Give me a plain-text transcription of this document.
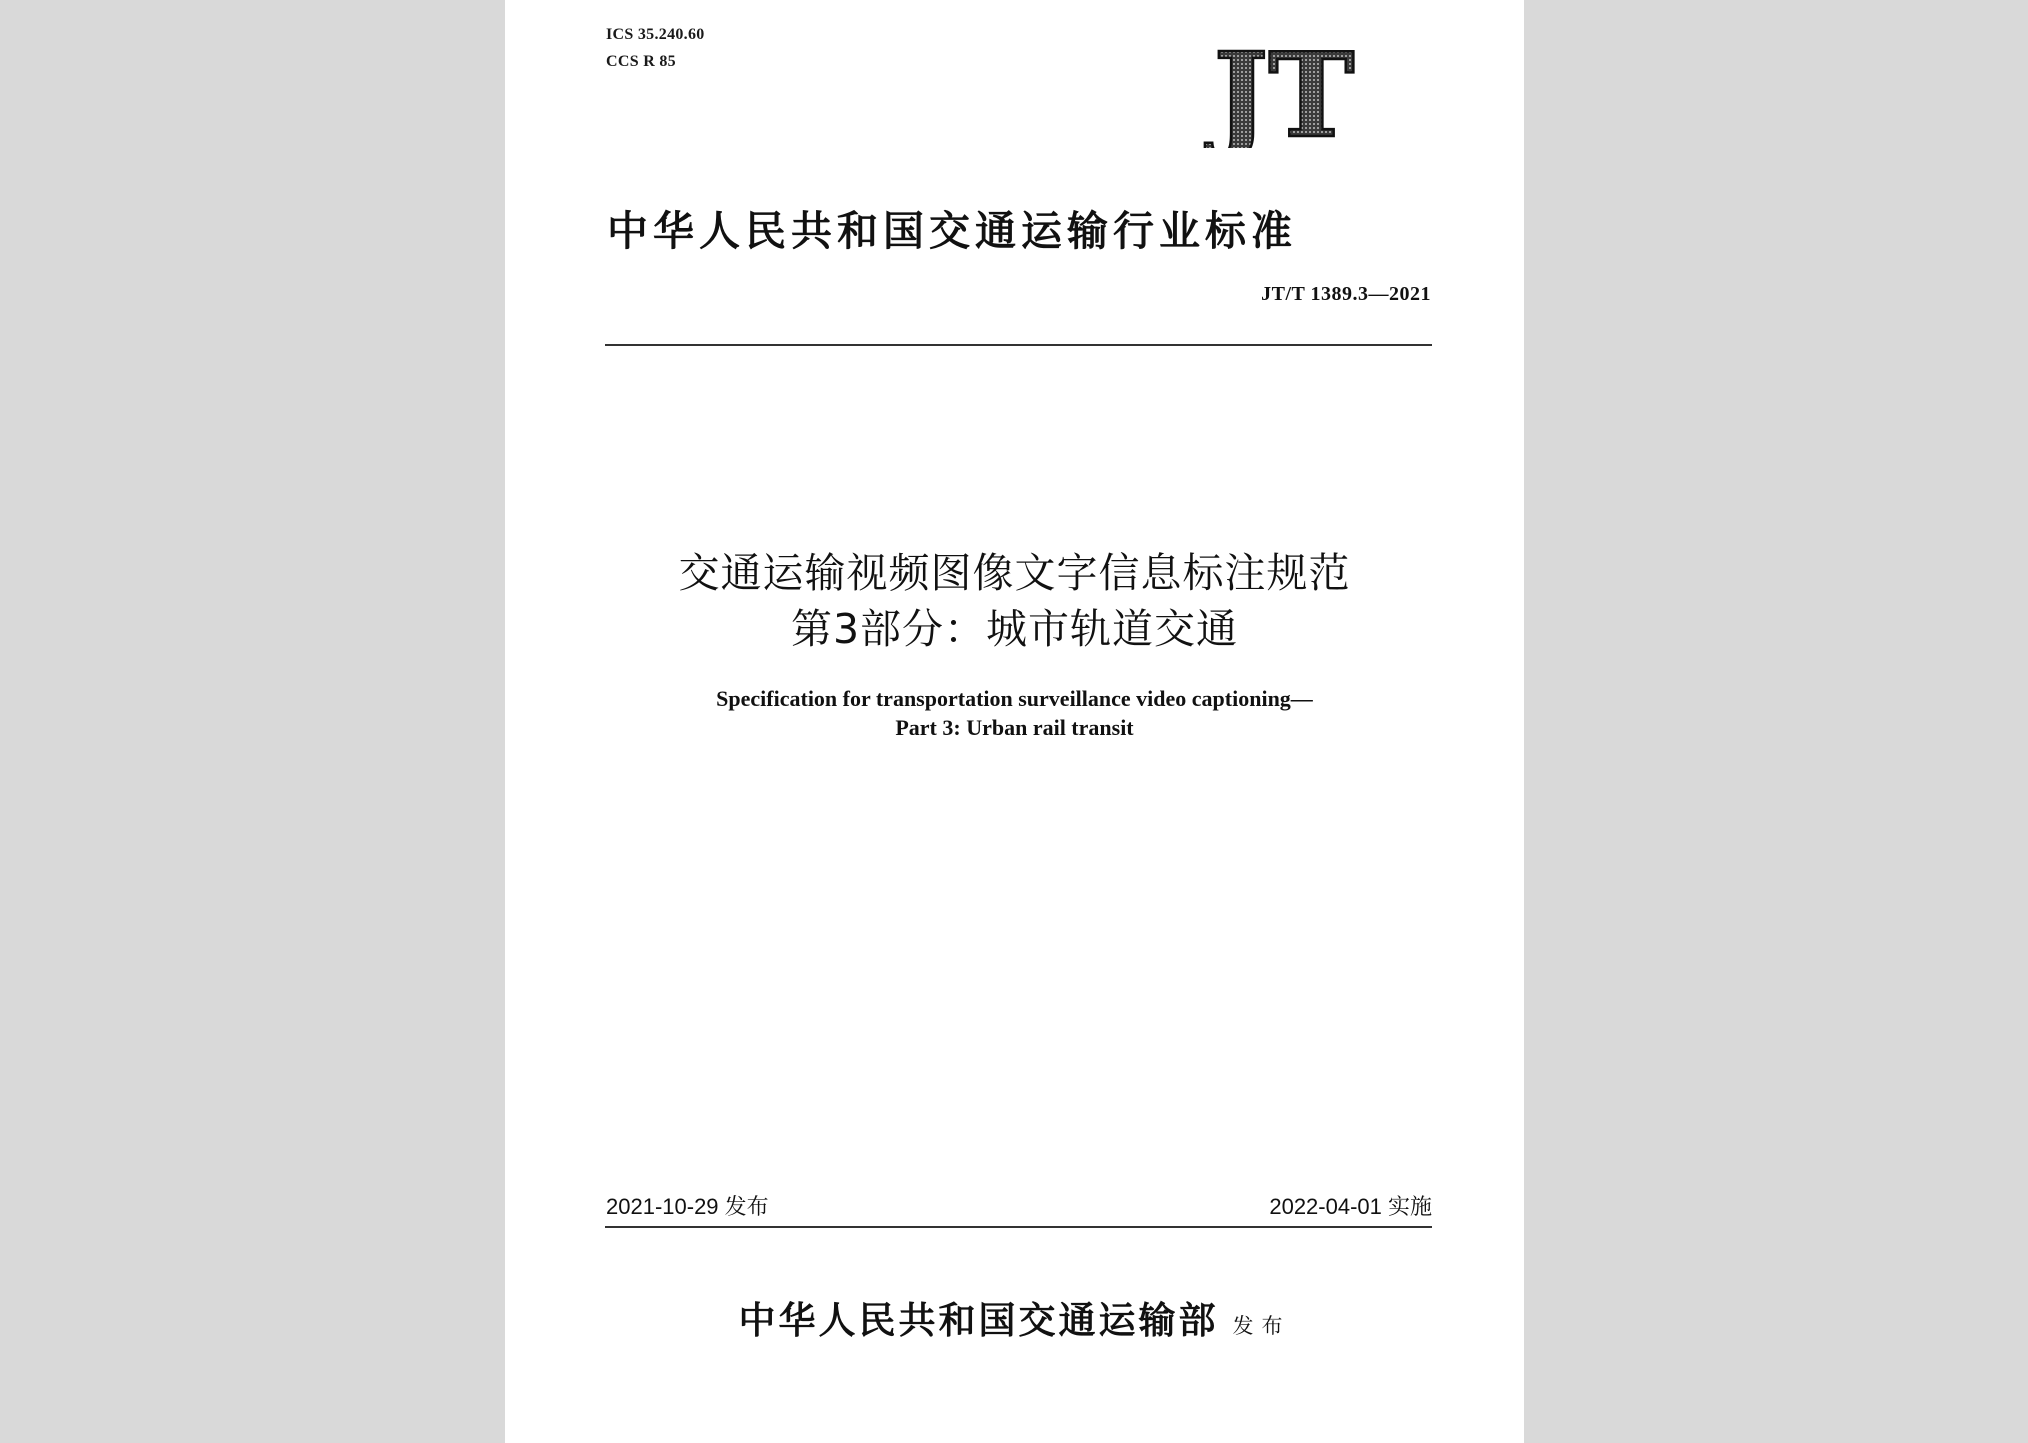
ICS 35.240.60
CCS R 85	JT
中华人民共和国交通运输行业标准
JT/T 1389.3—2021
交通运输视频图像文字信息标注规范
第3部分：城市轨道交通
Specification for transportation surveillance video captioning—
Part 3: Urban rail transit
2021-10-29 发布	2022-04-01 实施
中华人民共和国交通运输部 发布
